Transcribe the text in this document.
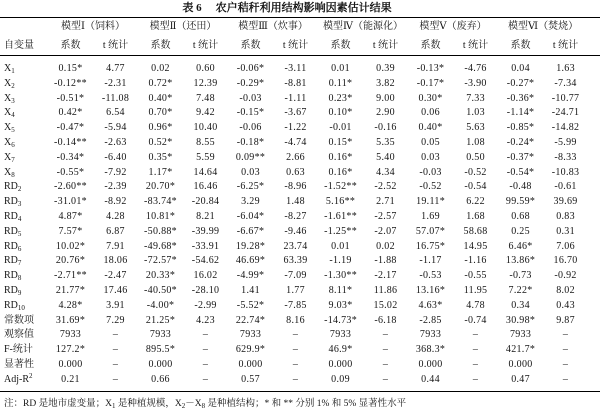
表 6 农户秸秆利用结构影响因素估计结果
自变量	模型Ⅰ（饲料）		模型Ⅱ（还田）		模型Ⅲ（炊事）		模型Ⅳ（能源化）		模型Ⅴ（废弃）		模型Ⅵ（焚烧）	
	系数	t 统计	系数	t 统计	系数	t 统计	系数	t 统计	系数	t 统计	系数	t 统计

$X_1$	0.15*	4.77	0.02	0.60	-0.06*	-3.11	0.01	0.39	-0.13*	-4.76	0.04	1.63
$X_2$	-0.12**	-2.31	0.72*	12.39	-0.29*	-8.81	0.11*	3.82	-0.17*	-3.90	-0.27*	-7.34
$X_3$	-0.51*	-11.08	0.40*	7.48	-0.03	-1.11	0.23*	9.00	0.30*	7.33	-0.36*	-10.77
$X_4$	0.42*	6.54	0.70*	9.42	-0.15*	-3.67	0.10*	2.90	0.06	1.03	-1.14*	-24.71
$X_5$	-0.47*	-5.94	0.96*	10.40	-0.06	-1.22	-0.01	-0.16	0.40*	5.63	-0.85*	-14.82
$X_6$	-0.14**	-2.63	0.52*	8.55	-0.18*	-4.74	0.15*	5.35	0.05	1.08	-0.24*	-5.99
$X_7$	-0.34*	-6.40	0.35*	5.59	0.09**	2.66	0.16*	5.40	0.03	0.50	-0.37*	-8.33
$X_8$	-0.55*	-7.92	1.17*	14.64	0.03	0.63	0.16*	4.34	-0.03	-0.52	-0.54*	-10.83
$RD_2$	-2.60**	-2.39	20.70*	16.46	-6.25*	-8.96	-1.52**	-2.52	-0.52	-0.54	-0.48	-0.61
$RD_3$	-31.01*	-8.92	-83.74*	-20.84	3.29	1.48	5.16**	2.71	19.11*	6.22	99.59*	39.69
$RD_4$	4.87*	4.28	10.81*	8.21	-6.04*	-8.27	-1.61**	-2.57	1.69	1.68	0.68	0.83
$RD_5$	7.57*	6.87	-50.88*	-39.99	-6.67*	-9.46	-1.25**	-2.07	57.07*	58.68	0.25	0.31
$RD_6$	10.02*	7.91	-49.68*	-33.91	19.28*	23.74	0.01	0.02	16.75*	14.95	6.46*	7.06
$RD_7$	20.76*	18.06	-72.57*	-54.62	46.69*	63.39	-1.19	-1.88	-1.17	-1.16	13.86*	16.70
$RD_8$	-2.71**	-2.47	20.33*	16.02	-4.99*	-7.09	-1.30**	-2.17	-0.53	-0.55	-0.73	-0.92
$RD_9$	21.77*	17.46	-40.50*	-28.10	1.41	1.77	8.11*	11.86	13.16*	11.95	7.22*	8.02
$RD_{10}$	4.28*	3.91	-4.00*	-2.99	-5.52*	-7.85	9.03*	15.02	4.63*	4.78	0.34	0.43
常数项	31.69*	7.29	21.25*	4.23	22.74*	8.16	-14.73*	-6.18	-2.85	-0.74	30.98*	9.87
观察值	7933	–	7933	–	7933	–	7933	–	7933	–	7933	–
F-统计	127.2*	–	895.5*	–	629.9*	–	46.9*	–	368.3*	–	421.7*	–
显著性	0.000	–	0.000	–	0.000	–	0.000	–	0.000	–	0.000	–
Adj-$R^2$	0.21	–	0.66	–	0.57	–	0.09	–	0.44	–	0.47	–

注：RD 是地市虚变量；$X_1$ 是种植规模，$X_2-X_8$ 是种植结构；* 和 ** 分别 1% 和 5% 显著性水平
